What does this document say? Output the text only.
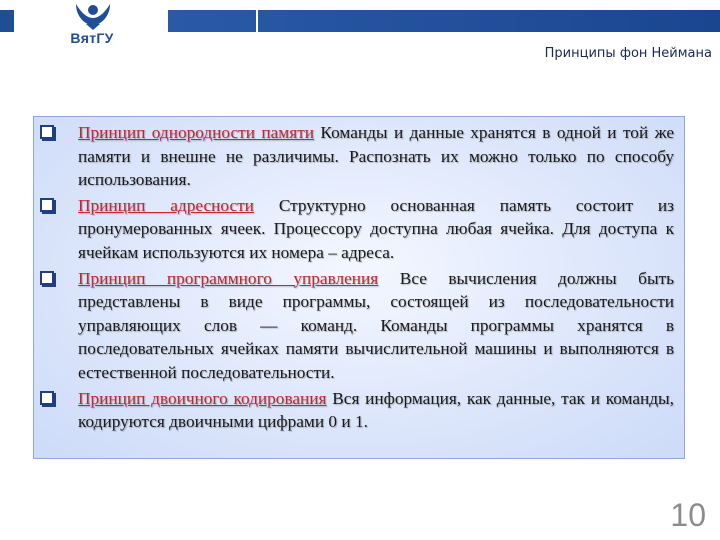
ВятГУ
Принципы фон Неймана
Принцип однородности памяти Команды и данные хранятся в одной и той же памяти и внешне не различимы. Распознать их можно только по способу использования.
Принцип адресности Структурно основанная память состоит из пронумерованных ячеек. Процессору доступна любая ячейка. Для доступа к ячейкам используются их номера – адреса.
Принцип программного управления Все вычисления должны быть представлены в виде программы, состоящей из последовательности управляющих слов — команд. Команды программы хранятся в последовательных ячейках памяти вычислительной машины и выполняются в естественной последовательности.
Принцип двоичного кодирования Вся информация, как данные, так и команды, кодируются двоичными цифрами 0 и 1.
10
